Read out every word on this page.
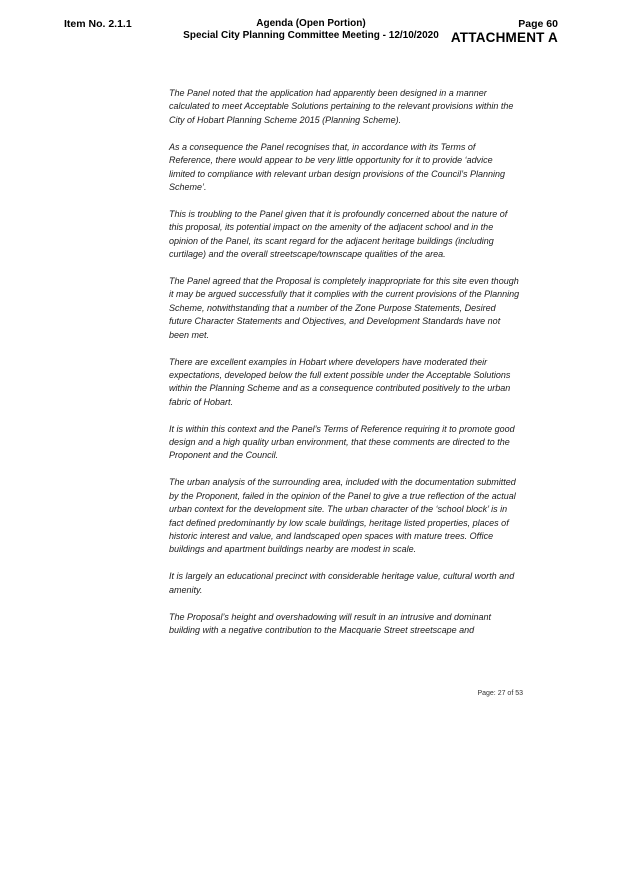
Item No. 2.1.1	Agenda (Open Portion)
Special City Planning Committee Meeting - 12/10/2020
Page 60
ATTACHMENT A

The Panel noted that the application had apparently been designed in a manner calculated to meet Acceptable Solutions pertaining to the relevant provisions within the City of Hobart Planning Scheme 2015 (Planning Scheme).

As a consequence the Panel recognises that, in accordance with its Terms of Reference, there would appear to be very little opportunity for it to provide ‘advice limited to compliance with relevant urban design provisions of the Council’s Planning Scheme’.

This is troubling to the Panel given that it is profoundly concerned about the nature of this proposal, its potential impact on the amenity of the adjacent school and in the opinion of the Panel, its scant regard for the adjacent heritage buildings (including curtilage) and the overall streetscape/townscape qualities of the area.

The Panel agreed that the Proposal is completely inappropriate for this site even though it may be argued successfully that it complies with the current provisions of the Planning Scheme, notwithstanding that a number of the Zone Purpose Statements, Desired future Character Statements and Objectives, and Development Standards have not been met.

There are excellent examples in Hobart where developers have moderated their expectations, developed below the full extent possible under the Acceptable Solutions within the Planning Scheme and as a consequence contributed positively to the urban fabric of Hobart.

It is within this context and the Panel’s Terms of Reference requiring it to promote good design and a high quality urban environment, that these comments are directed to the Proponent and the Council.

The urban analysis of the surrounding area, included with the documentation submitted by the Proponent, failed in the opinion of the Panel to give a true reflection of the actual urban context for the development site. The urban character of the ‘school block’ is in fact defined predominantly by low scale buildings, heritage listed properties, places of historic interest and value, and landscaped open spaces with mature trees. Office buildings and apartment buildings nearby are modest in scale.

It is largely an educational precinct with considerable heritage value, cultural worth and amenity.

The Proposal’s height and overshadowing will result in an intrusive and dominant building with a negative contribution to the Macquarie Street streetscape and

Page: 27 of 53
